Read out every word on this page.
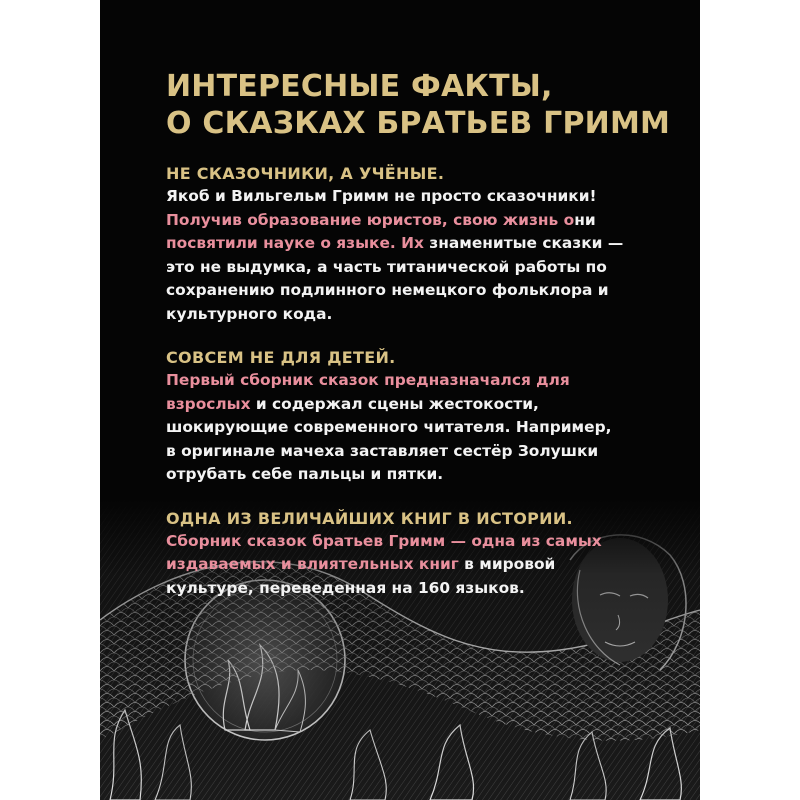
ИНТЕРЕСНЫЕ ФАКТЫ,
О СКАЗКАХ БРАТЬЕВ ГРИММ
НЕ СКАЗОЧНИКИ, А УЧЁНЫЕ.
Якоб и Вильгельм Гримм не просто сказочники!
Получив образование юристов, свою жизнь они
посвятили науке о языке. Их знаменитые сказки —
это не выдумка, а часть титанической работы по
сохранению подлинного немецкого фольклора и
культурного кода.
СОВСЕМ НЕ ДЛЯ ДЕТЕЙ.
Первый сборник сказок предназначался для
взрослых и содержал сцены жестокости,
шокирующие современного читателя. Например,
в оригинале мачеха заставляет сестёр Золушки
отрубать себе пальцы и пятки.
ОДНА ИЗ ВЕЛИЧАЙШИХ КНИГ В ИСТОРИИ.
Сборник сказок братьев Гримм — одна из самых
издаваемых и влиятельных книг в мировой
культуре, переведенная на 160 языков.
